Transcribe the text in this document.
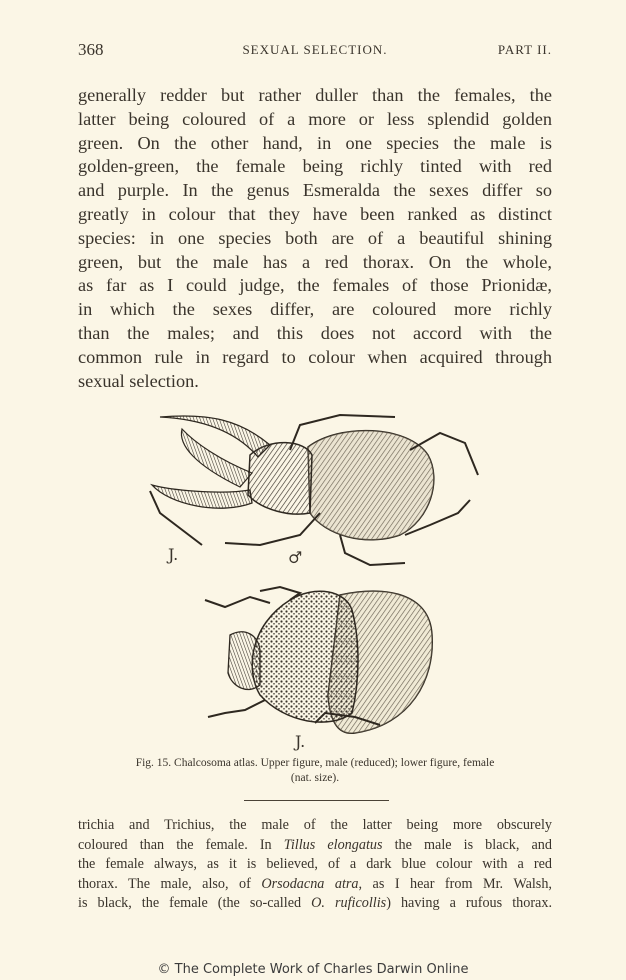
368	SEXUAL SELECTION.	PART II.
generally redder but rather duller than the females, the
latter being coloured of a more or less splendid golden
green. On the other hand, in one species the male is
golden-green, the female being richly tinted with red
and purple. In the genus Esmeralda the sexes differ so
greatly in colour that they have been ranked as distinct
species: in one species both are of a beautiful shining
green, but the male has a red thorax. On the whole,
as far as I could judge, the females of those Prionidæ,
in which the sexes differ, are coloured more richly
than the males; and this does not accord with the
common rule in regard to colour when acquired through
sexual selection.
J.	♂
J.
Fig. 15. Chalcosoma atlas. Upper figure, male (reduced); lower figure, female
(nat. size).
trichia and Trichius, the male of the latter being more obscurely
coloured than the female. In Tillus elongatus the male is black, and
the female always, as it is believed, of a dark blue colour with a red
thorax. The male, also, of Orsodacna atra, as I hear from Mr. Walsh,
is black, the female (the so-called O. ruficollis) having a rufous thorax.
© The Complete Work of Charles Darwin Online
